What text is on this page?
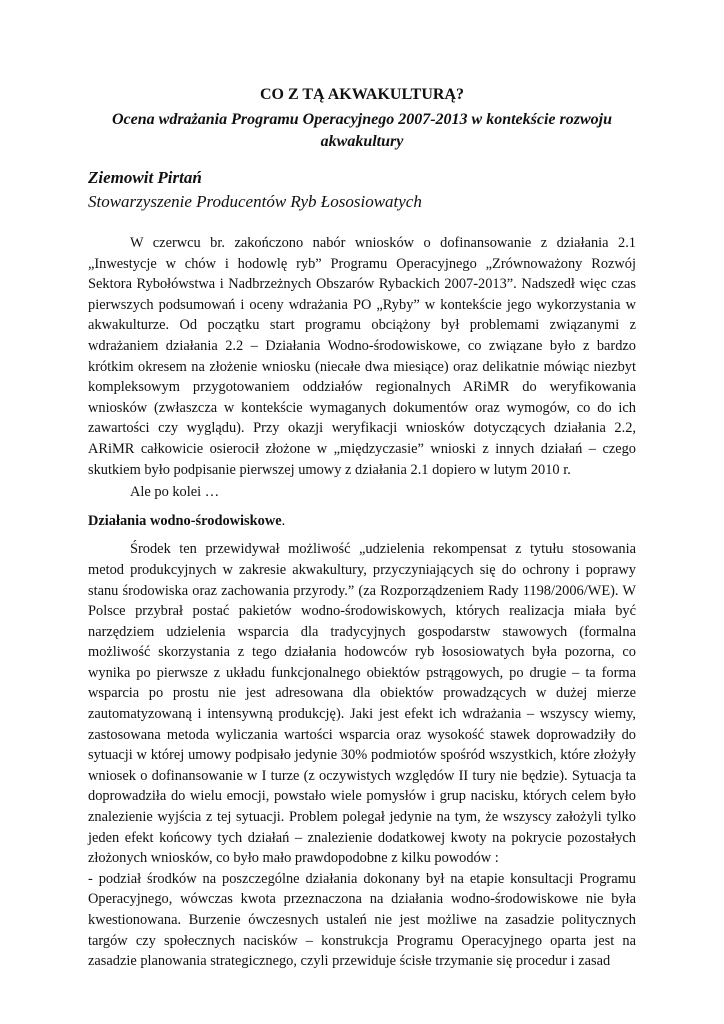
CO Z TĄ AKWAKULTURĄ?
Ocena wdrażania Programu Operacyjnego 2007-2013 w kontekście rozwoju akwakultury
Ziemowit Pirtań
Stowarzyszenie Producentów Ryb Łososiowatych

W czerwcu br. zakończono nabór wniosków o dofinansowanie z działania 2.1 „Inwestycje w chów i hodowlę ryb” Programu Operacyjnego „Zrównoważony Rozwój Sektora Rybołówstwa i Nadbrzeżnych Obszarów Rybackich 2007-2013”. Nadszedł więc czas pierwszych podsumowań i oceny wdrażania PO „Ryby” w kontekście jego wykorzystania w akwakulturze. Od początku start programu obciążony był problemami związanymi z wdrażaniem działania 2.2 – Działania Wodno-środowiskowe, co związane było z bardzo krótkim okresem na złożenie wniosku (niecałe dwa miesiące) oraz delikatnie mówiąc niezbyt kompleksowym przygotowaniem oddziałów regionalnych ARiMR do weryfikowania wniosków (zwłaszcza w kontekście wymaganych dokumentów oraz wymogów, co do ich zawartości czy wyglądu). Przy okazji weryfikacji wniosków dotyczących działania 2.2, ARiMR całkowicie osierocił złożone w „międzyczasie” wnioski z innych działań – czego skutkiem było podpisanie pierwszej umowy z działania 2.1 dopiero w lutym 2010 r.

Ale po kolei …

Działania wodno-środowiskowe.

Środek ten przewidywał możliwość „udzielenia rekompensat z tytułu stosowania metod produkcyjnych w zakresie akwakultury, przyczyniających się do ochrony i poprawy stanu środowiska oraz zachowania przyrody.” (za Rozporządzeniem Rady 1198/2006/WE). W Polsce przybrał postać pakietów wodno-środowiskowych, których realizacja miała być narzędziem udzielenia wsparcia dla tradycyjnych gospodarstw stawowych (formalna możliwość skorzystania z tego działania hodowców ryb łososiowatych była pozorna, co wynika po pierwsze z układu funkcjonalnego obiektów pstrągowych, po drugie – ta forma wsparcia po prostu nie jest adresowana dla obiektów prowadzących w dużej mierze zautomatyzowaną i intensywną produkcję). Jaki jest efekt ich wdrażania – wszyscy wiemy, zastosowana metoda wyliczania wartości wsparcia oraz wysokość stawek doprowadziły do sytuacji w której umowy podpisało jedynie 30% podmiotów spośród wszystkich, które złożyły wniosek o dofinansowanie w I turze (z oczywistych względów II tury nie będzie). Sytuacja ta doprowadziła do wielu emocji, powstało wiele pomysłów i grup nacisku, których celem było znalezienie wyjścia z tej sytuacji. Problem polegał jedynie na tym, że wszyscy założyli tylko jeden efekt końcowy tych działań – znalezienie dodatkowej kwoty na pokrycie pozostałych złożonych wniosków, co było mało prawdopodobne z kilku powodów :

- podział środków na poszczególne działania dokonany był na etapie konsultacji Programu Operacyjnego, wówczas kwota przeznaczona na działania wodno-środowiskowe nie była kwestionowana. Burzenie ówczesnych ustaleń nie jest możliwe na zasadzie politycznych targów czy społecznych nacisków – konstrukcja Programu Operacyjnego oparta jest na zasadzie planowania strategicznego, czyli przewiduje ścisłe trzymanie się procedur i zasad
